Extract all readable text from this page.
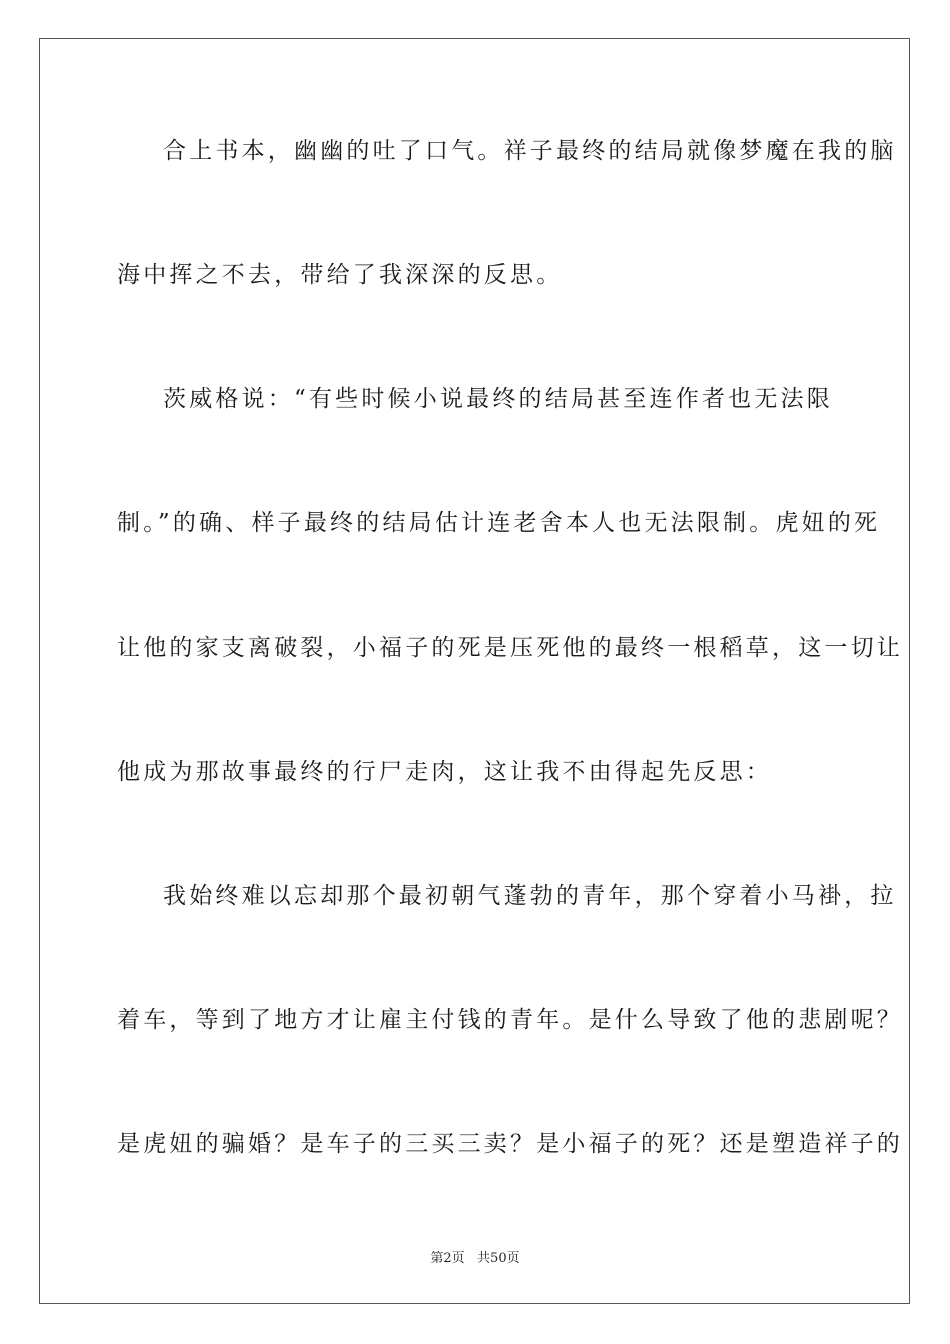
合上书本，幽幽的吐了口气。祥子最终的结局就像梦魔在我的脑
海中挥之不去，带给了我深深的反思。
茨威格说：“有些时候小说最终的结局甚至连作者也无法限
制。”的确、样子最终的结局估计连老舍本人也无法限制。虎妞的死
让他的家支离破裂，小福子的死是压死他的最终一根稻草，这一切让
他成为那故事最终的行尸走肉，这让我不由得起先反思：
我始终难以忘却那个最初朝气蓬勃的青年，那个穿着小马褂，拉
着车，等到了地方才让雇主付钱的青年。是什么导致了他的悲剧呢？
是虎妞的骗婚？是车子的三买三卖？是小福子的死？还是塑造祥子的
第2页   共50页
